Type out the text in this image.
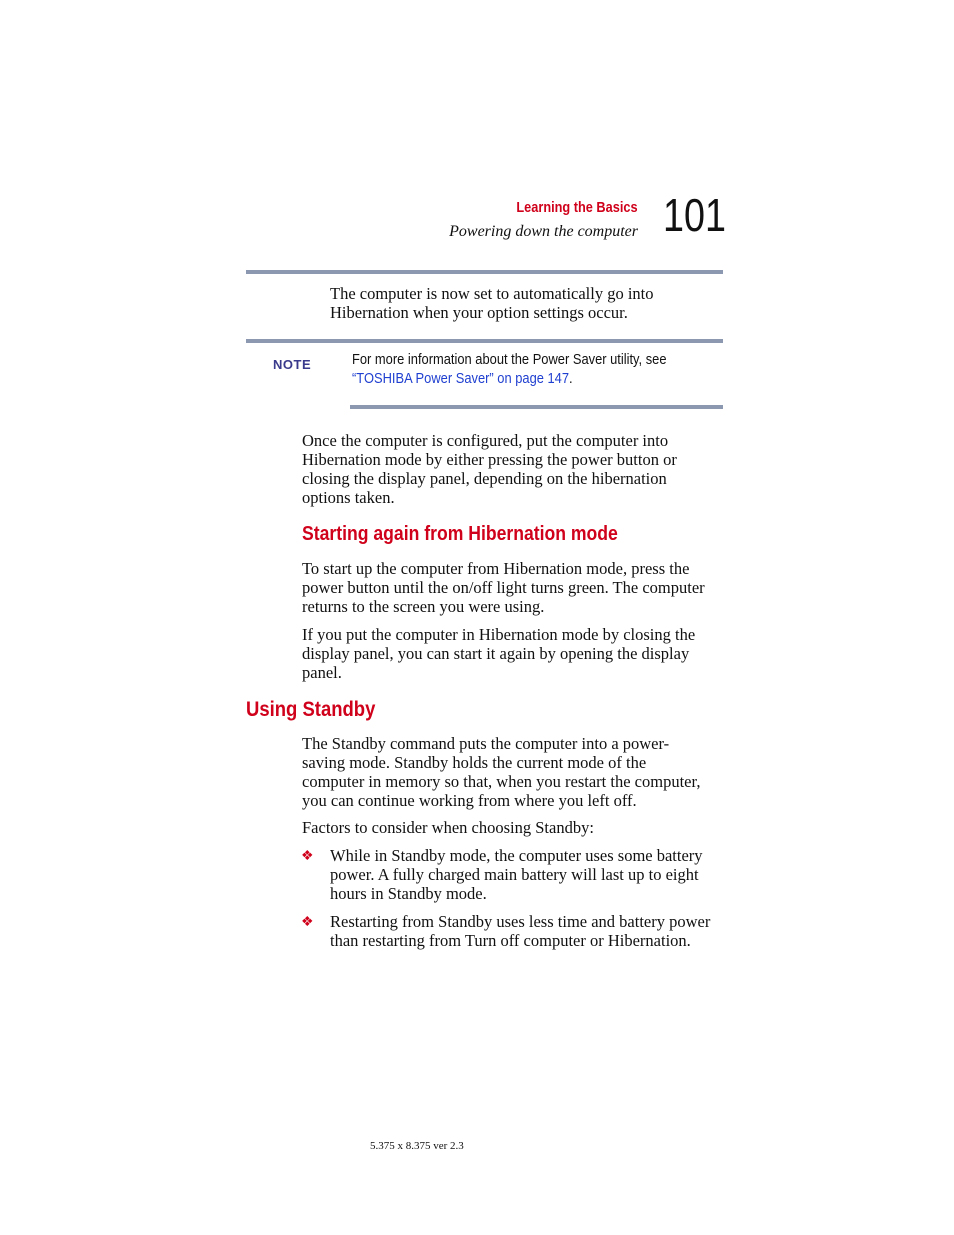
Learning the Basics
Powering down the computer 101
The computer is now set to automatically go into
Hibernation when your option settings occur.
NOTE	For more information about the Power Saver utility, see
“TOSHIBA Power Saver” on page 147.
Once the computer is configured, put the computer into
Hibernation mode by either pressing the power button or
closing the display panel, depending on the hibernation
options taken.
Starting again from Hibernation mode
To start up the computer from Hibernation mode, press the
power button until the on/off light turns green. The computer
returns to the screen you were using.
If you put the computer in Hibernation mode by closing the
display panel, you can start it again by opening the display
panel.
Using Standby
The Standby command puts the computer into a power-
saving mode. Standby holds the current mode of the
computer in memory so that, when you restart the computer,
you can continue working from where you left off.
Factors to consider when choosing Standby:
❖ While in Standby mode, the computer uses some battery
power. A fully charged main battery will last up to eight
hours in Standby mode.
❖ Restarting from Standby uses less time and battery power
than restarting from Turn off computer or Hibernation.
5.375 x 8.375 ver 2.3
